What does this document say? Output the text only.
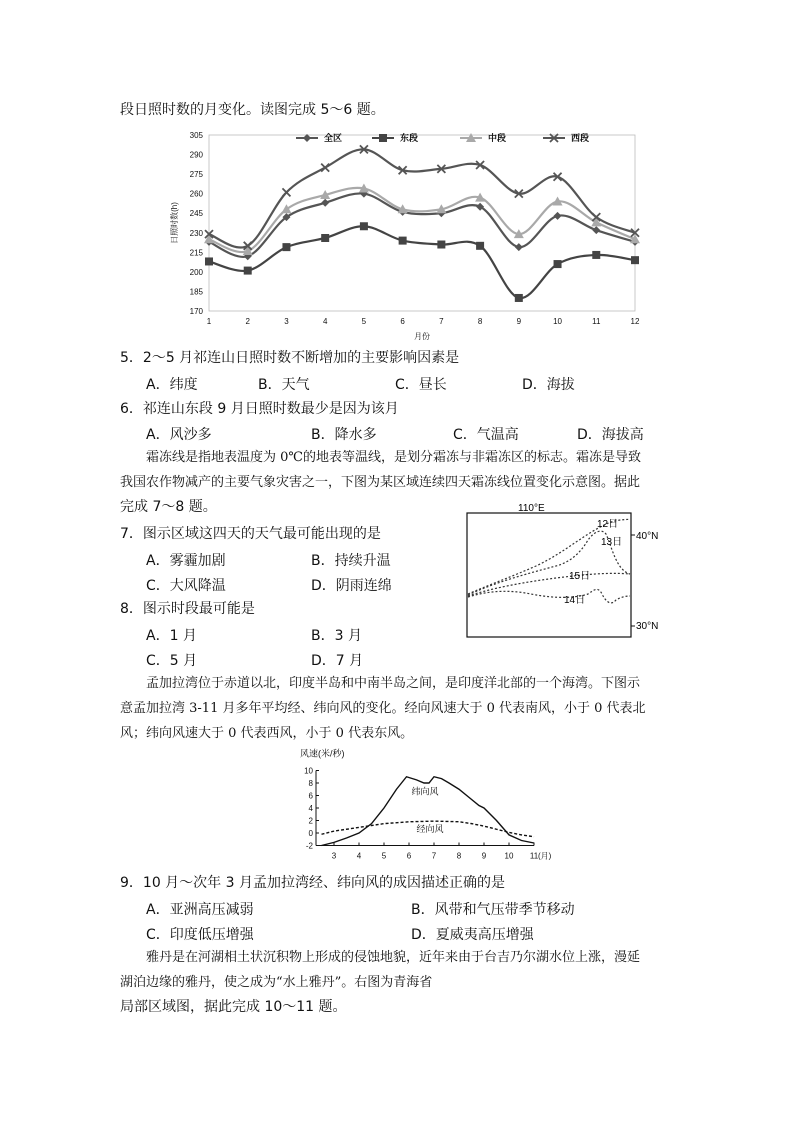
段日照时数的月变化。读图完成 5～6 题。
全区	东段	中段	西段
305
290
275
260
245
230
215
200
185
170
1	2	3	4	5	6	7	8	9	10	11	12
月份
日照时数(h)
5．2～5 月祁连山日照时数不断增加的主要影响因素是
A．纬度	B．天气	C．昼长	D．海拔
6．祁连山东段 9 月日照时数最少是因为该月
A．风沙多	B．降水多	C．气温高	D．海拔高
霜冻线是指地表温度为 0℃的地表等温线，是划分霜冻与非霜冻区的标志。霜冻是导致
我国农作物减产的主要气象灾害之一，下图为某区域连续四天霜冻线位置变化示意图。据此
完成 7～8 题。	110°E
40°N
30°N
12日
13日
15日
14日
7．图示区域这四天的天气最可能出现的是
A．雾霾加剧	B．持续升温
C．大风降温	D．阴雨连绵
8．图示时段最可能是
A．1 月	B．3 月
C．5 月	D．7 月
孟加拉湾位于赤道以北，印度半岛和中南半岛之间，是印度洋北部的一个海湾。下图示
意孟加拉湾 3-11 月多年平均经、纬向风的变化。经向风速大于 0 代表南风，小于 0 代表北
风；纬向风速大于 0 代表西风，小于 0 代表东风。
10
8
6
4
2
0
-2
3	4	5	6	7	8	9 10 11 (月)
风速(米/秒)
纬向风
经向风
9．10 月～次年 3 月孟加拉湾经、纬向风的成因描述正确的是
A．亚洲高压减弱	B．风带和气压带季节移动
C．印度低压增强	D．夏威夷高压增强
雅丹是在河湖相土状沉积物上形成的侵蚀地貌，近年来由于台吉乃尔湖水位上涨，漫延
湖泊边缘的雅丹，使之成为“水上雅丹”。右图为青海省
局部区域图，据此完成 10～11 题。
